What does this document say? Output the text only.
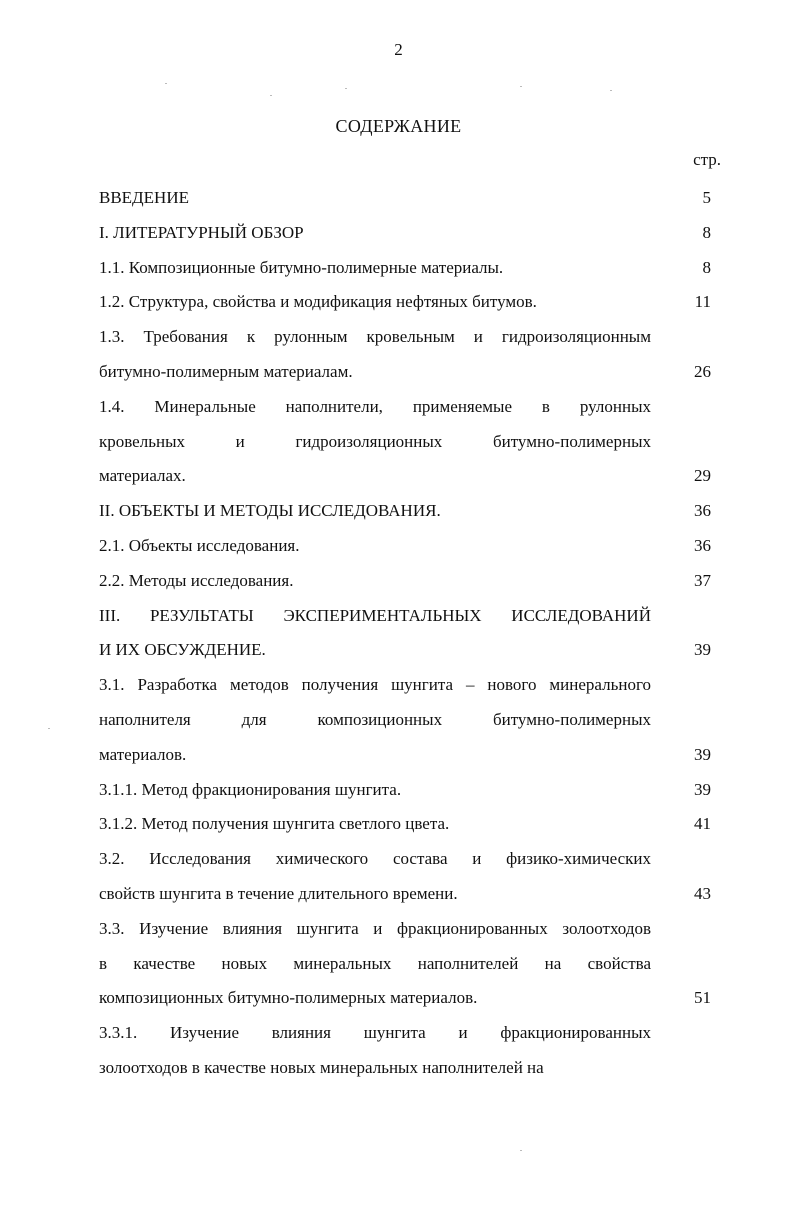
2
СОДЕРЖАНИЕ
стр.
ВВЕДЕНИЕ	5
I. ЛИТЕРАТУРНЫЙ ОБЗОР	8
1.1. Композиционные битумно-полимерные материалы.	8
1.2. Структура, свойства и модификация нефтяных битумов.	11
1.3. Требования к рулонным кровельным и гидроизоляционным
битумно-полимерным материалам.	26
1.4. Минеральные наполнители, применяемые в рулонных
кровельных и гидроизоляционных битумно-полимерных
материалах.	29
II. ОБЪЕКТЫ И МЕТОДЫ ИССЛЕДОВАНИЯ.	36
2.1. Объекты исследования.	36
2.2. Методы исследования.	37
III. РЕЗУЛЬТАТЫ ЭКСПЕРИМЕНТАЛЬНЫХ ИССЛЕДОВАНИЙ
И ИХ ОБСУЖДЕНИЕ.	39
3.1. Разработка методов получения шунгита – нового минерального
наполнителя для композиционных битумно-полимерных
материалов.	39
3.1.1. Метод фракционирования шунгита.	39
3.1.2. Метод получения шунгита светлого цвета.	41
3.2. Исследования химического состава и физико-химических
свойств шунгита в течение длительного времени.	43
3.3. Изучение влияния шунгита и фракционированных золоотходов
в качестве новых минеральных наполнителей на свойства
композиционных битумно-полимерных материалов.	51
3.3.1. Изучение влияния шунгита и фракционированных
золоотходов в качестве новых минеральных наполнителей на
